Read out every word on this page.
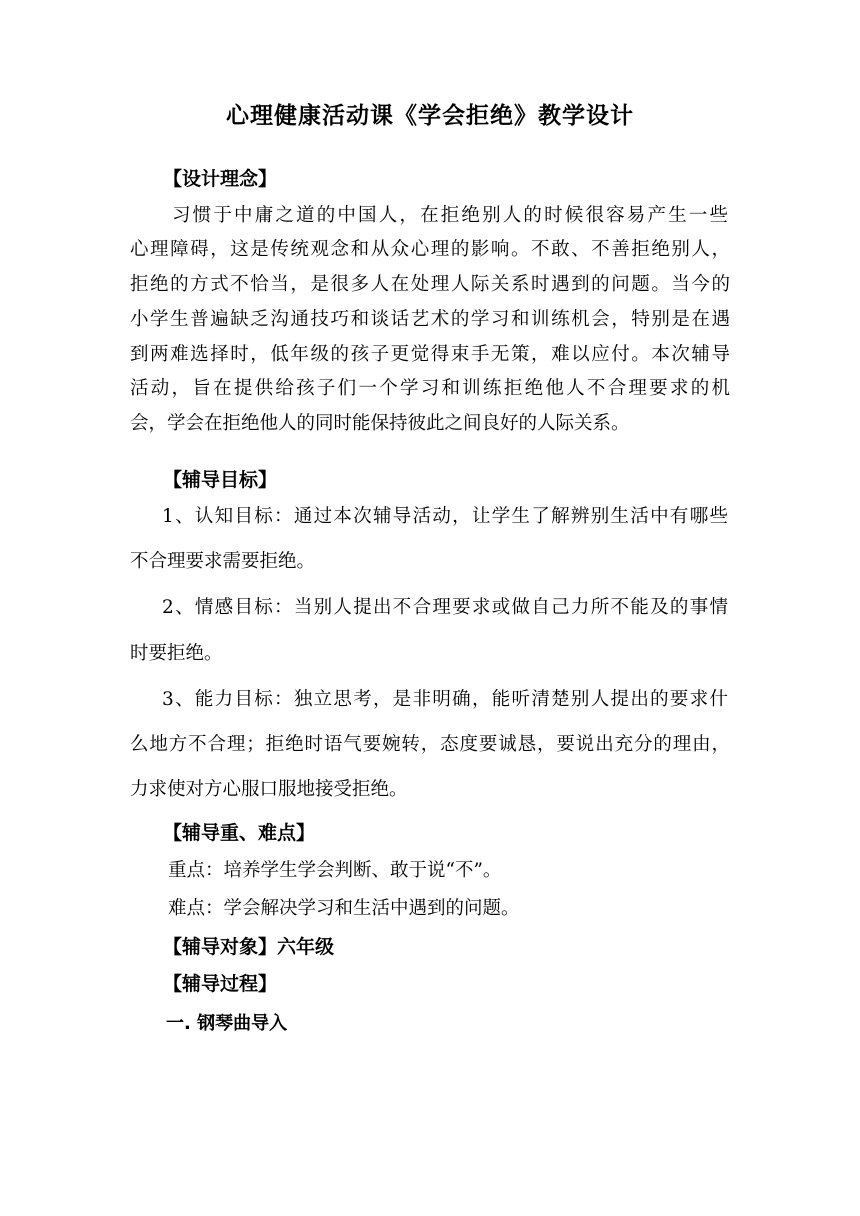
心理健康活动课《学会拒绝》教学设计
【设计理念】
习惯于中庸之道的中国人，在拒绝别人的时候很容易产生一些
心理障碍，这是传统观念和从众心理的影响。不敢、不善拒绝别人，
拒绝的方式不恰当，是很多人在处理人际关系时遇到的问题。当今的
小学生普遍缺乏沟通技巧和谈话艺术的学习和训练机会，特别是在遇
到两难选择时，低年级的孩子更觉得束手无策，难以应付。本次辅导
活动，旨在提供给孩子们一个学习和训练拒绝他人不合理要求的机
会，学会在拒绝他人的同时能保持彼此之间良好的人际关系。
【辅导目标】
1、认知目标：通过本次辅导活动，让学生了解辨别生活中有哪些
不合理要求需要拒绝。
2、情感目标：当别人提出不合理要求或做自己力所不能及的事情
时要拒绝。
3、能力目标：独立思考，是非明确，能听清楚别人提出的要求什
么地方不合理；拒绝时语气要婉转，态度要诚恳，要说出充分的理由，
力求使对方心服口服地接受拒绝。
【辅导重、难点】
重点：培养学生学会判断、敢于说“不”。
难点：学会解决学习和生活中遇到的问题。
【辅导对象】六年级
【辅导过程】
一. 钢琴曲导入
